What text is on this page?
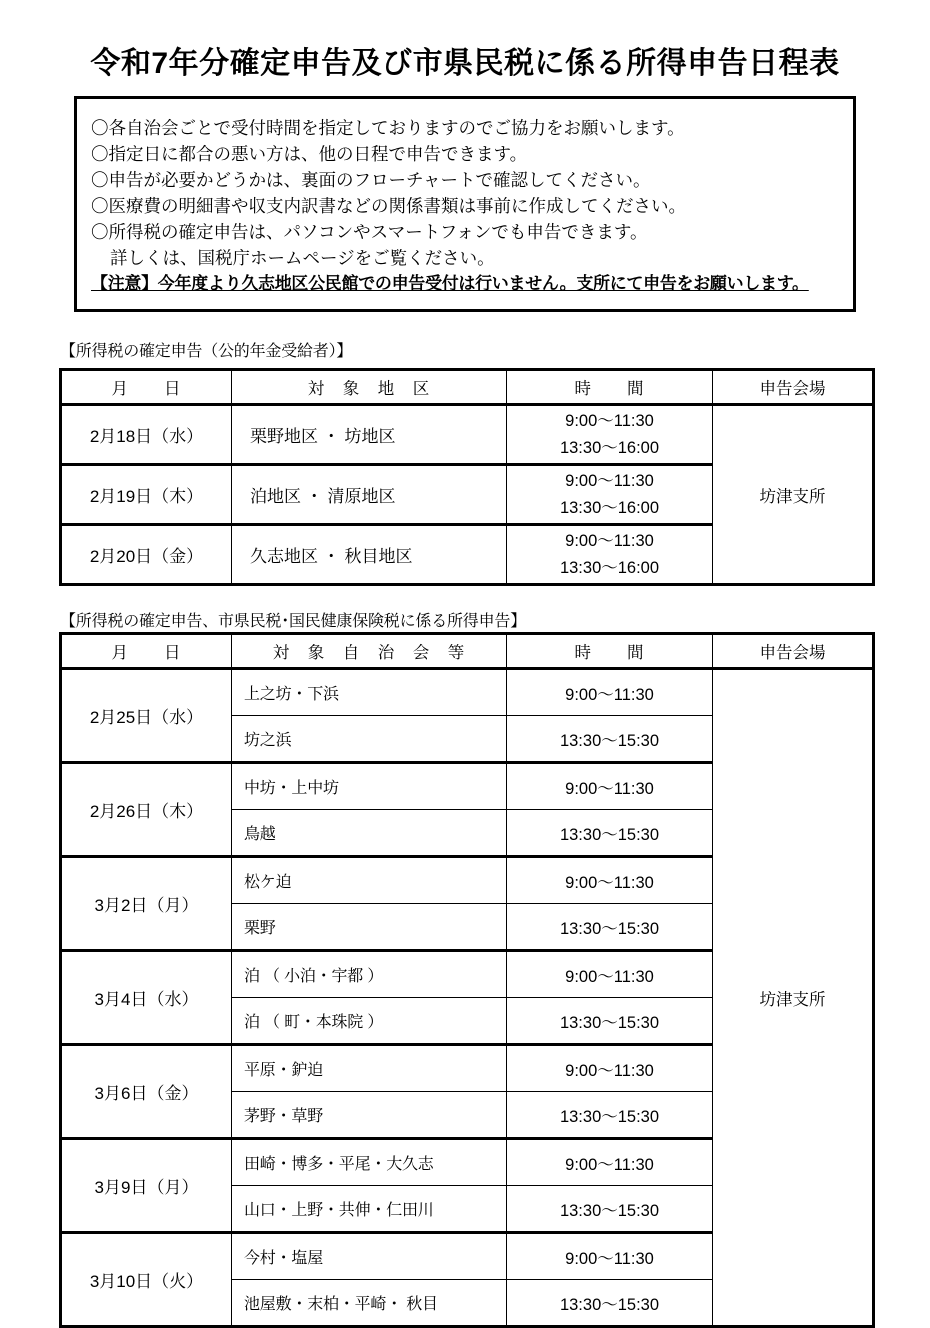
令和7年分確定申告及び市県民税に係る所得申告日程表
〇各自治会ごとで受付時間を指定しておりますのでご協力をお願いします。
〇指定日に都合の悪い方は、他の日程で申告できます。
〇申告が必要かどうかは、裏面のフローチャートで確認してください。
〇医療費の明細書や収支内訳書などの関係書類は事前に作成してください。
〇所得税の確定申告は、パソコンやスマートフォンでも申告できます。
詳しくは、国税庁ホームページをご覧ください。
【注意】今年度より久志地区公民館での申告受付は行いません。支所にて申告をお願いします。
【所得税の確定申告（公的年金受給者）】
月　　日	対　象　地　区	時　　間	申告会場
2月18日（水）	栗野地区 ・ 坊地区	9:00～11:30
13:30～16:00	坊津支所
2月19日（木）	泊地区 ・ 清原地区	9:00～11:30
13:30～16:00	

2月20日（金）	久志地区 ・ 秋目地区	9:00～11:30
13:30～16:00	
【所得税の確定申告、市県民税･国民健康保険税に係る所得申告】
月　　日	対　象　自　治　会　等	時　　間	申告会場
2月25日（水）	上之坊・下浜	9:00～11:30	坊津支所
	坊之浜	13:30～15:30	
2月26日（木）	中坊・上中坊	9:00～11:30	
	鳥越	13:30～15:30	
3月2日（月）	松ケ迫	9:00～11:30	
	栗野	13:30～15:30	
3月4日（水）	泊 （ 小泊・宇都 ）	9:00～11:30	
	泊 （ 町・本珠院 ）	13:30～15:30	
3月6日（金）	平原・鈩迫	9:00～11:30	
	茅野・草野	13:30～15:30	
3月9日（月）	田崎・博多・平尾・大久志	9:00～11:30	
	山口・上野・共伸・仁田川	13:30～15:30	
3月10日（火）	今村・塩屋	9:00～11:30	
	池屋敷・末柏・平崎・ 秋目	13:30～15:30	
